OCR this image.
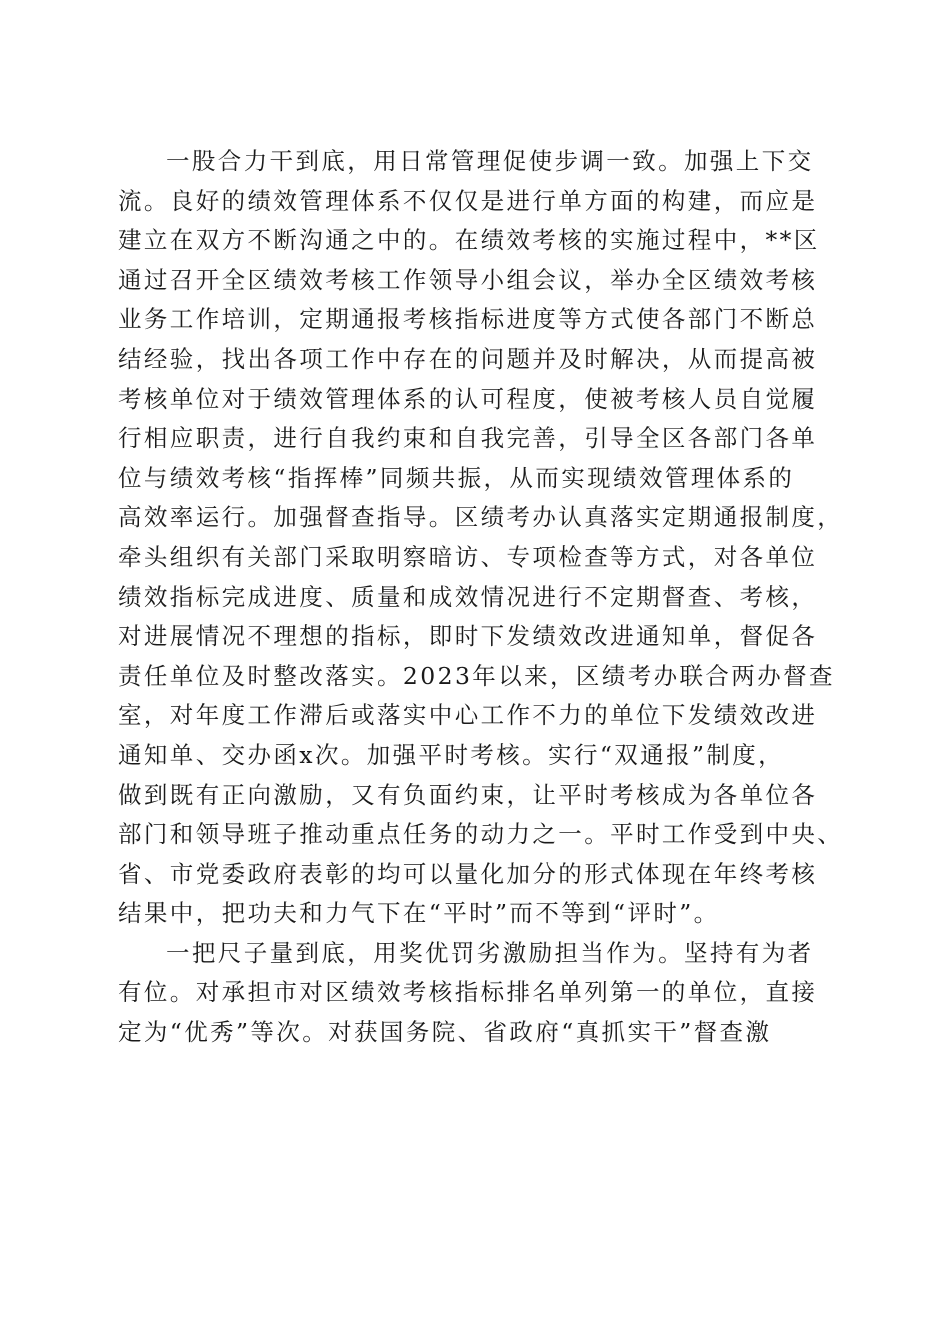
一股合力干到底，用日常管理促使步调一致。加强上下交
流。良好的绩效管理体系不仅仅是进行单方面的构建，而应是
建立在双方不断沟通之中的。在绩效考核的实施过程中，**区
通过召开全区绩效考核工作领导小组会议，举办全区绩效考核
业务工作培训，定期通报考核指标进度等方式使各部门不断总
结经验，找出各项工作中存在的问题并及时解决，从而提高被
考核单位对于绩效管理体系的认可程度，使被考核人员自觉履
行相应职责，进行自我约束和自我完善，引导全区各部门各单
位与绩效考核“指挥棒”同频共振，从而实现绩效管理体系的
高效率运行。加强督查指导。区绩考办认真落实定期通报制度，
牵头组织有关部门采取明察暗访、专项检查等方式，对各单位
绩效指标完成进度、质量和成效情况进行不定期督查、考核，
对进展情况不理想的指标，即时下发绩效改进通知单，督促各
责任单位及时整改落实。2023年以来，区绩考办联合两办督查
室，对年度工作滞后或落实中心工作不力的单位下发绩效改进
通知单、交办函x次。加强平时考核。实行“双通报”制度，
做到既有正向激励，又有负面约束，让平时考核成为各单位各
部门和领导班子推动重点任务的动力之一。平时工作受到中央、
省、市党委政府表彰的均可以量化加分的形式体现在年终考核
结果中，把功夫和力气下在“平时”而不等到“评时”。
一把尺子量到底，用奖优罚劣激励担当作为。坚持有为者
有位。对承担市对区绩效考核指标排名单列第一的单位，直接
定为“优秀”等次。对获国务院、省政府“真抓实干”督查激
